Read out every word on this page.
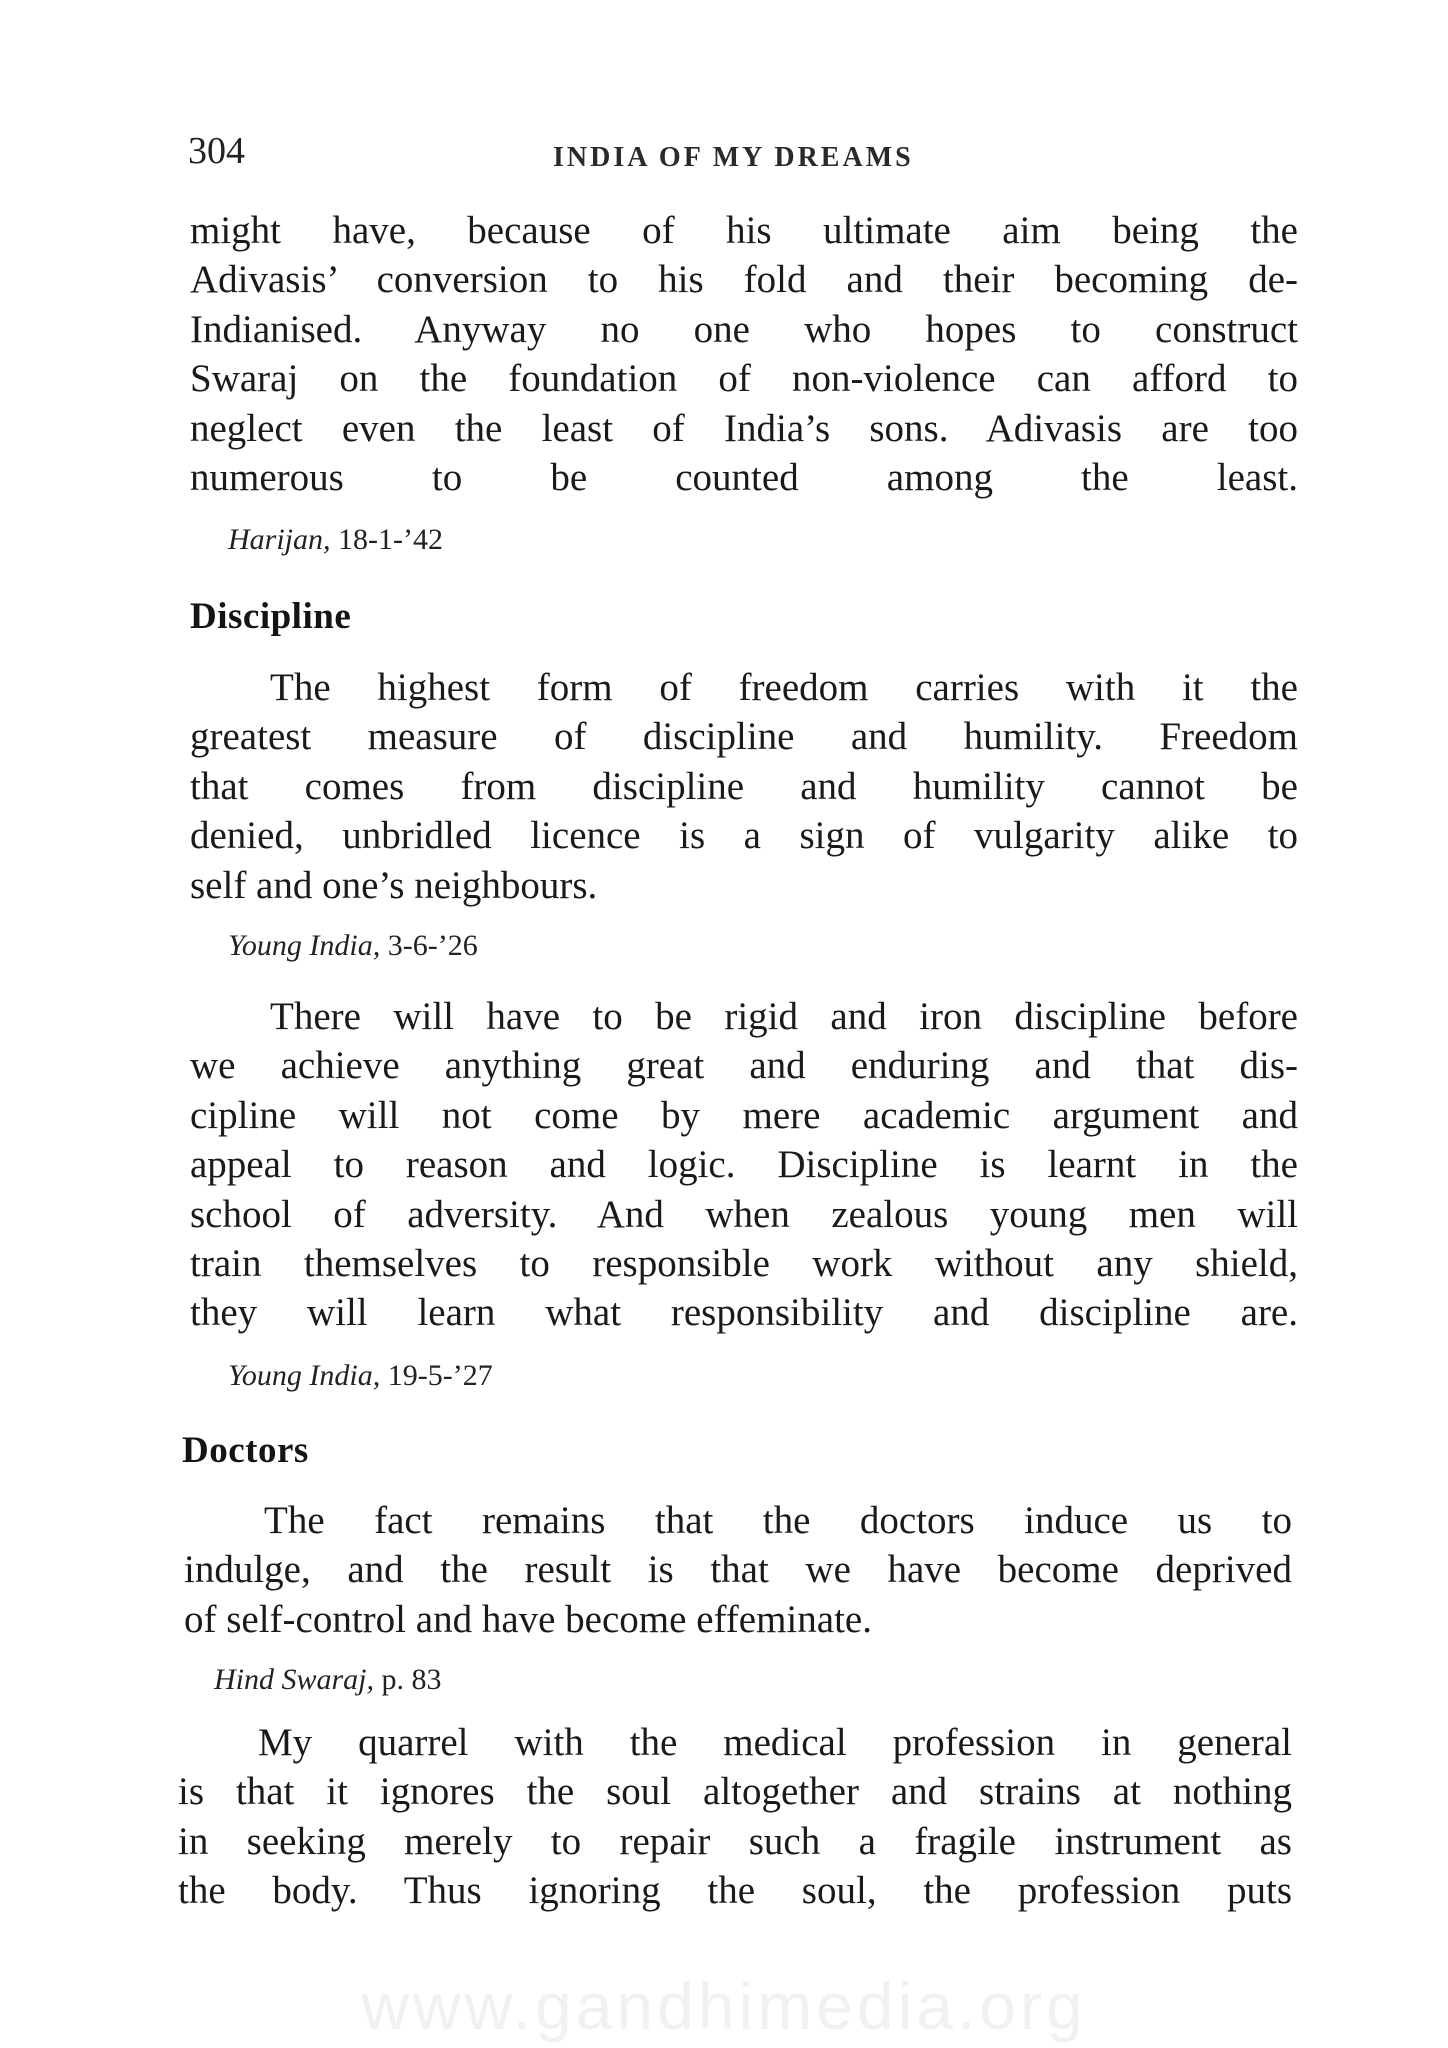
304	INDIA OF MY DREAMS
might have, because of his ultimate aim being the
Adivasis’ conversion to his fold and their becoming de-
Indianised. Anyway no one who hopes to construct
Swaraj on the foundation of non-violence can afford to
neglect even the least of India’s sons. Adivasis are too
numerous to be counted among the least.
Harijan, 18-1-’42
Discipline
The highest form of freedom carries with it the
greatest measure of discipline and humility. Freedom
that comes from discipline and humility cannot be
denied, unbridled licence is a sign of vulgarity alike to
self and one’s neighbours.
Young India, 3-6-’26
There will have to be rigid and iron discipline before
we achieve anything great and enduring and that dis-
cipline will not come by mere academic argument and
appeal to reason and logic. Discipline is learnt in the
school of adversity. And when zealous young men will
train themselves to responsible work without any shield,
they will learn what responsibility and discipline are.
Young India, 19-5-’27
Doctors
The fact remains that the doctors induce us to
indulge, and the result is that we have become deprived
of self-control and have become effeminate.
Hind Swaraj, p. 83
My quarrel with the medical profession in general
is that it ignores the soul altogether and strains at nothing
in seeking merely to repair such a fragile instrument as
the body. Thus ignoring the soul, the profession puts
www.gandhimedia.org
